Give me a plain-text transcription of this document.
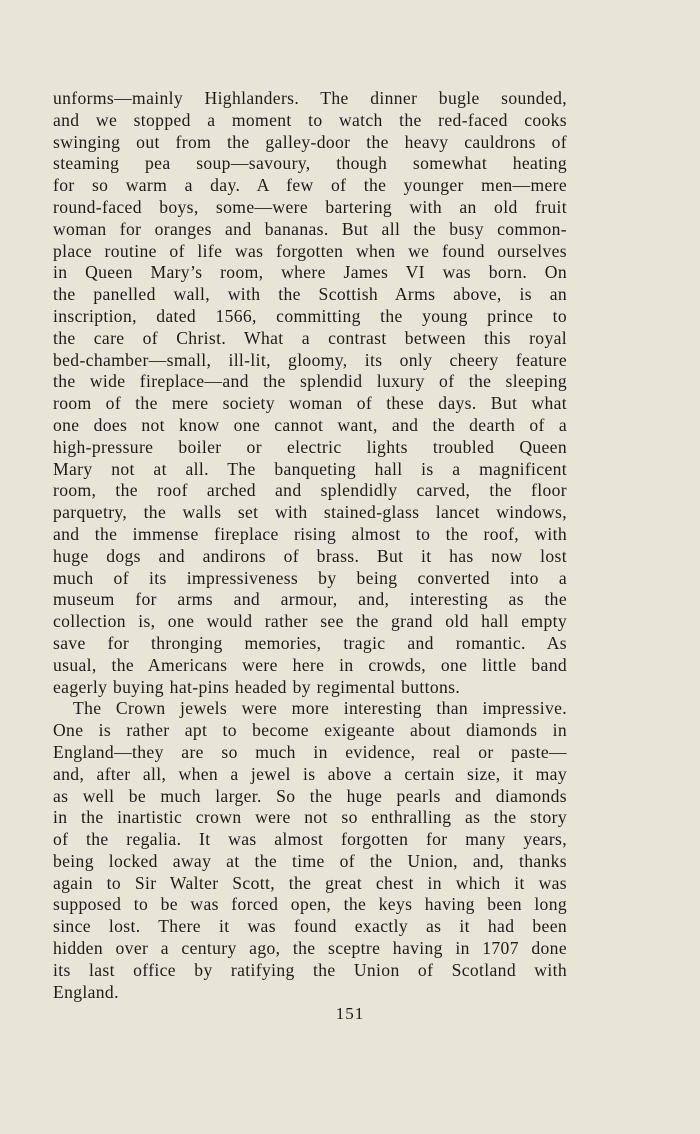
unforms—mainly Highlanders. The dinner bugle sounded,
and we stopped a moment to watch the red-faced cooks
swinging out from the galley-door the heavy cauldrons of
steaming pea soup—savoury, though somewhat heating
for so warm a day. A few of the younger men—mere
round-faced boys, some—were bartering with an old fruit
woman for oranges and bananas. But all the busy common-
place routine of life was forgotten when we found ourselves
in Queen Mary’s room, where James VI was born. On
the panelled wall, with the Scottish Arms above, is an
inscription, dated 1566, committing the young prince to
the care of Christ. What a contrast between this royal
bed-chamber—small, ill-lit, gloomy, its only cheery feature
the wide fireplace—and the splendid luxury of the sleeping
room of the mere society woman of these days. But what
one does not know one cannot want, and the dearth of a
high-pressure boiler or electric lights troubled Queen
Mary not at all. The banqueting hall is a magnificent
room, the roof arched and splendidly carved, the floor
parquetry, the walls set with stained-glass lancet windows,
and the immense fireplace rising almost to the roof, with
huge dogs and andirons of brass. But it has now lost
much of its impressiveness by being converted into a
museum for arms and armour, and, interesting as the
collection is, one would rather see the grand old hall empty
save for thronging memories, tragic and romantic. As
usual, the Americans were here in crowds, one little band
eagerly buying hat-pins headed by regimental buttons.
The Crown jewels were more interesting than impressive.
One is rather apt to become exigeante about diamonds in
England—they are so much in evidence, real or paste—
and, after all, when a jewel is above a certain size, it may
as well be much larger. So the huge pearls and diamonds
in the inartistic crown were not so enthralling as the story
of the regalia. It was almost forgotten for many years,
being locked away at the time of the Union, and, thanks
again to Sir Walter Scott, the great chest in which it was
supposed to be was forced open, the keys having been long
since lost. There it was found exactly as it had been
hidden over a century ago, the sceptre having in 1707 done
its last office by ratifying the Union of Scotland with
England.
151
